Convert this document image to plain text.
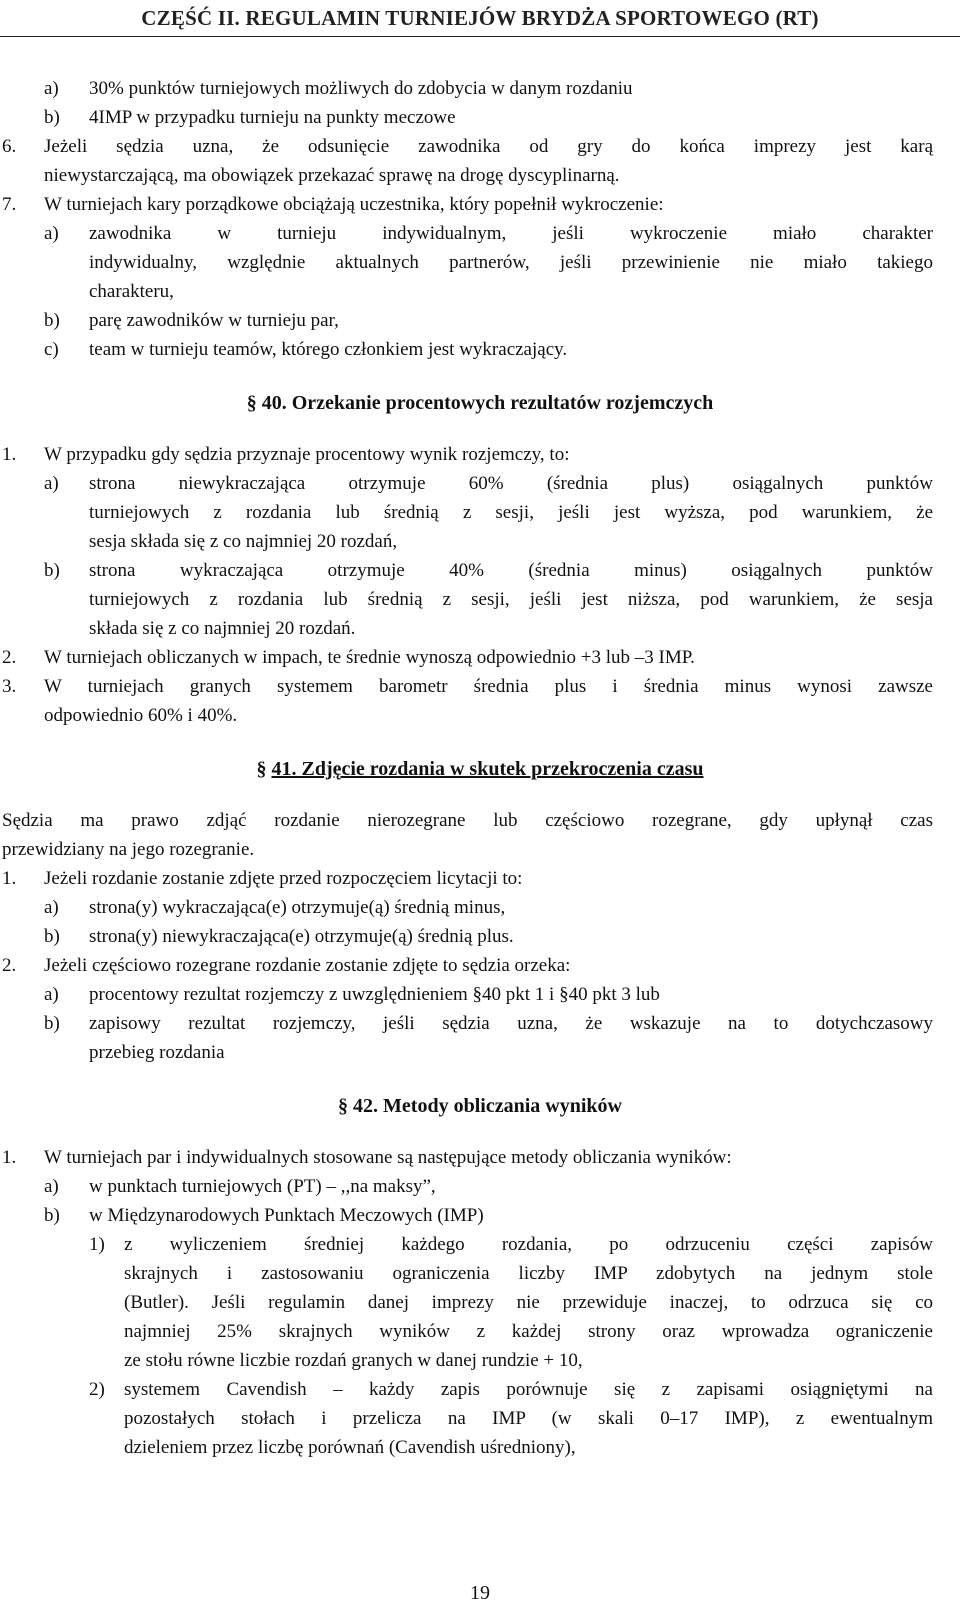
CZĘŚĆ II. REGULAMIN TURNIEJÓW BRYDŻA SPORTOWEGO (RT)
a) 30% punktów turniejowych możliwych do zdobycia w danym rozdaniu
b) 4IMP w przypadku turnieju na punkty meczowe
6. Jeżeli sędzia uzna, że odsunięcie zawodnika od gry do końca imprezy jest karą
niewystarczającą, ma obowiązek przekazać sprawę na drogę dyscyplinarną.
7. W turniejach kary porządkowe obciążają uczestnika, który popełnił wykroczenie:
a) zawodnika w turnieju indywidualnym, jeśli wykroczenie miało charakter
indywidualny, względnie aktualnych partnerów, jeśli przewinienie nie miało takiego
charakteru,
b) parę zawodników w turnieju par,
c) team w turnieju teamów, którego członkiem jest wykraczający.
§ 40. Orzekanie procentowych rezultatów rozjemczych
1. W przypadku gdy sędzia przyznaje procentowy wynik rozjemczy, to:
a) strona niewykraczająca otrzymuje 60% (średnia plus) osiągalnych punktów
turniejowych z rozdania lub średnią z sesji, jeśli jest wyższa, pod warunkiem, że
sesja składa się z co najmniej 20 rozdań,
b) strona wykraczająca otrzymuje 40% (średnia minus) osiągalnych punktów
turniejowych z rozdania lub średnią z sesji, jeśli jest niższa, pod warunkiem, że sesja
składa się z co najmniej 20 rozdań.
2. W turniejach obliczanych w impach, te średnie wynoszą odpowiednio +3 lub –3 IMP.
3. W turniejach granych systemem barometr średnia plus i średnia minus wynosi zawsze
odpowiednio 60% i 40%.
§ 41. Zdjęcie rozdania w skutek przekroczenia czasu
Sędzia ma prawo zdjąć rozdanie nierozegrane lub częściowo rozegrane, gdy upłynął czas
przewidziany na jego rozegranie.
1. Jeżeli rozdanie zostanie zdjęte przed rozpoczęciem licytacji to:
a) strona(y) wykraczająca(e) otrzymuje(ą) średnią minus,
b) strona(y) niewykraczająca(e) otrzymuje(ą) średnią plus.
2. Jeżeli częściowo rozegrane rozdanie zostanie zdjęte to sędzia orzeka:
a) procentowy rezultat rozjemczy z uwzględnieniem §40 pkt 1 i §40 pkt 3 lub
b) zapisowy rezultat rozjemczy, jeśli sędzia uzna, że wskazuje na to dotychczasowy
przebieg rozdania
§ 42. Metody obliczania wyników
1. W turniejach par i indywidualnych stosowane są następujące metody obliczania wyników:
a) w punktach turniejowych (PT) – ,,na maksy”,
b) w Międzynarodowych Punktach Meczowych (IMP)
1) z wyliczeniem średniej każdego rozdania, po odrzuceniu części zapisów
skrajnych i zastosowaniu ograniczenia liczby IMP zdobytych na jednym stole
(Butler). Jeśli regulamin danej imprezy nie przewiduje inaczej, to odrzuca się co
najmniej 25% skrajnych wyników z każdej strony oraz wprowadza ograniczenie
ze stołu równe liczbie rozdań granych w danej rundzie + 10,
2) systemem Cavendish – każdy zapis porównuje się z zapisami osiągniętymi na
pozostałych stołach i przelicza na IMP (w skali 0–17 IMP), z ewentualnym
dzieleniem przez liczbę porównań (Cavendish uśredniony),
19
